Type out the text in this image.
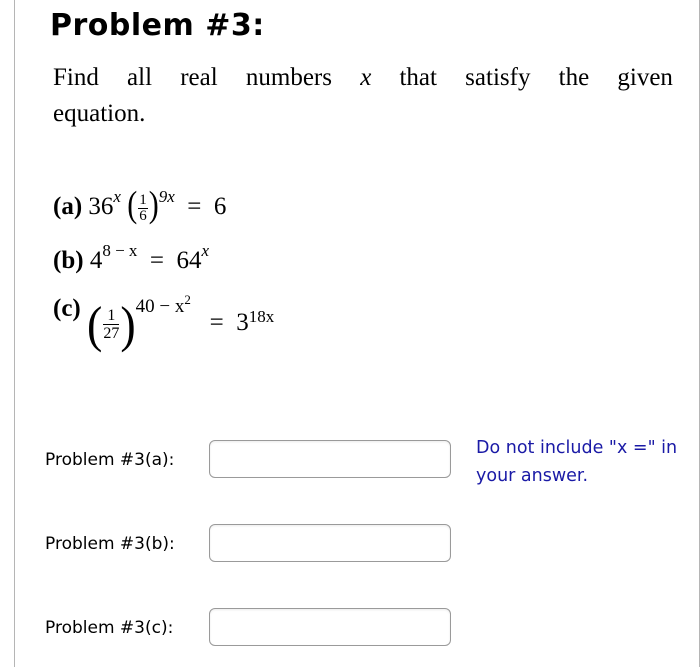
Problem #3:
Find all real numbers x that satisfy the given
equation.
(a) 36$^x$ ( $\frac{1}{6} )^{9x} = 6$
(b) $4^{8 - x} = 64^x$
(c) ( $\frac{1}{27} )^{40 - x^2} = 3^{18x}$
Problem #3(a):
Problem #3(b):
Problem #3(c):
Do not include "x =" in your answer.
